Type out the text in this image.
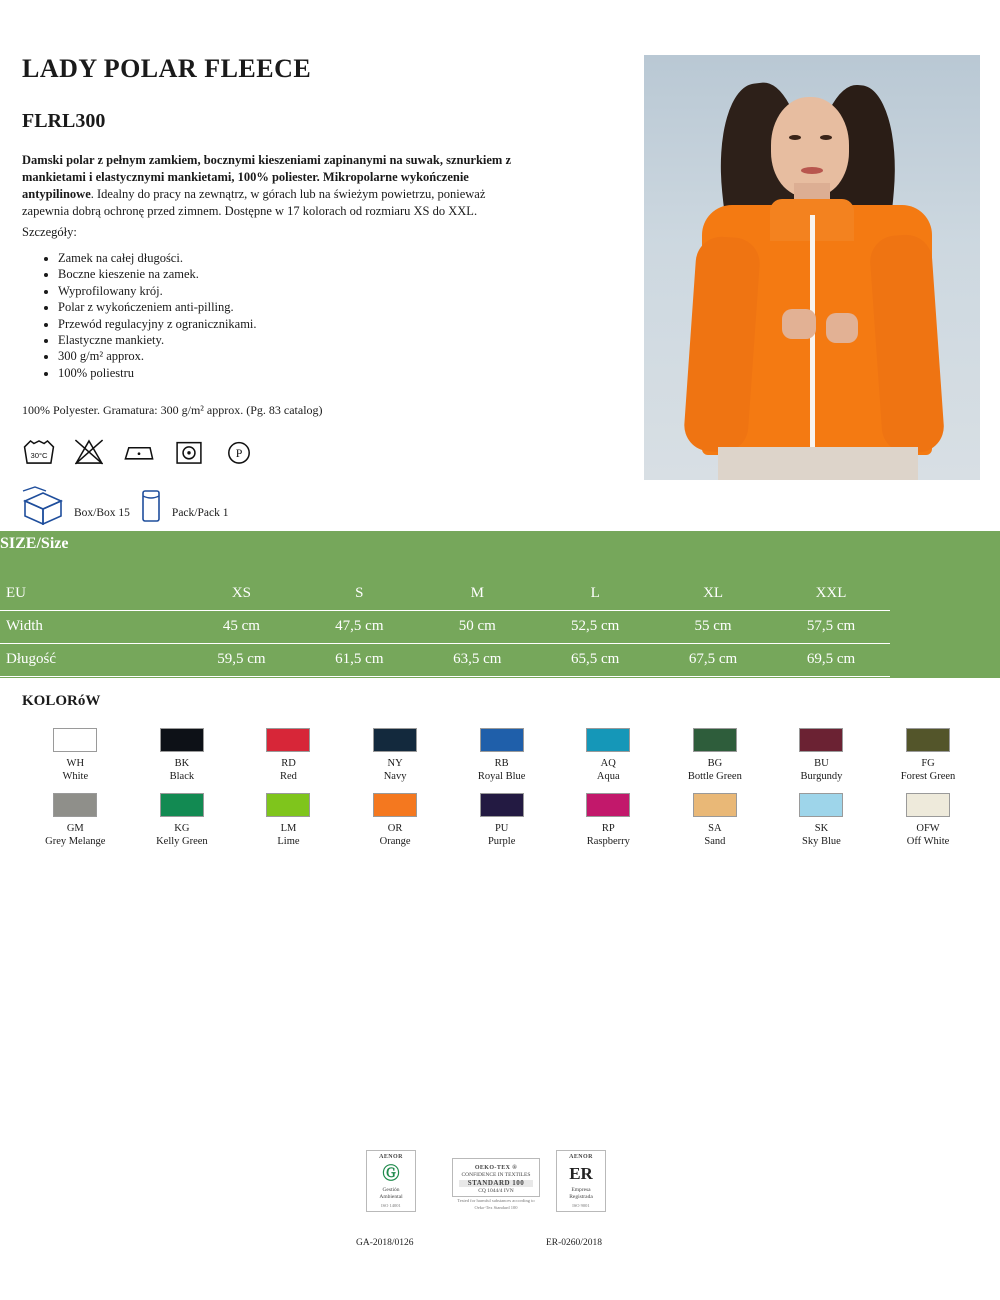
LADY POLAR FLEECE
FLRL300
Damski polar z pełnym zamkiem, bocznymi kieszeniami zapinanymi na suwak, sznurkiem z mankietami i elastycznymi mankietami, 100% poliester. Mikropolarne wykończenie antypilinowe. Idealny do pracy na zewnątrz, w górach lub na świeżym powietrzu, ponieważ zapewnia dobrą ochronę przed zimnem. Dostępne w 17 kolorach od rozmiaru XS do XXL.
Szczegóły:
• Zamek na całej długości.
• Boczne kieszenie na zamek.
• Wyprofilowany krój.
• Polar z wykończeniem anti-pilling.
• Przewód regulacyjny z ogranicznikami.
• Elastyczne mankiety.
• 300 g/m² approx.
• 100% poliestru
100% Polyester. Gramatura: 300 g/m² approx. (Pg. 83 catalog)
30°C	P
Box/Box 15	Pack/Pack 1
SIZE/Size
EU	XS	S	M	L	XL	XXL
Width	45 cm	47,5 cm	50 cm	52,5 cm	55 cm	57,5 cm
Długość	59,5 cm	61,5 cm	63,5 cm	65,5 cm	67,5 cm	69,5 cm
KOLORóW
WH
White
BK
Black
RD
Red
NY
Navy
RB
Royal Blue
AQ
Aqua
BG
Bottle Green
BU
Burgundy
FG
Forest Green
GM
Grey Melange
KG
Kelly Green
LM
Lime
OR
Orange
PU
Purple
RP
Raspberry
SA
Sand
SK
Sky Blue
OFW
Off White
AENOR
Ⓖ
Gestión
Ambiental
ISO 14001
OEKO-TEX ®
CONFIDENCE IN TEXTILES
STANDARD 100
CQ 1044/4 IVN
Tested for harmful substances according to Oeko-Tex Standard 100
AENOR
ER
Empresa
Registrada
ISO 9001
GA-2018/0126	ER-0260/2018
